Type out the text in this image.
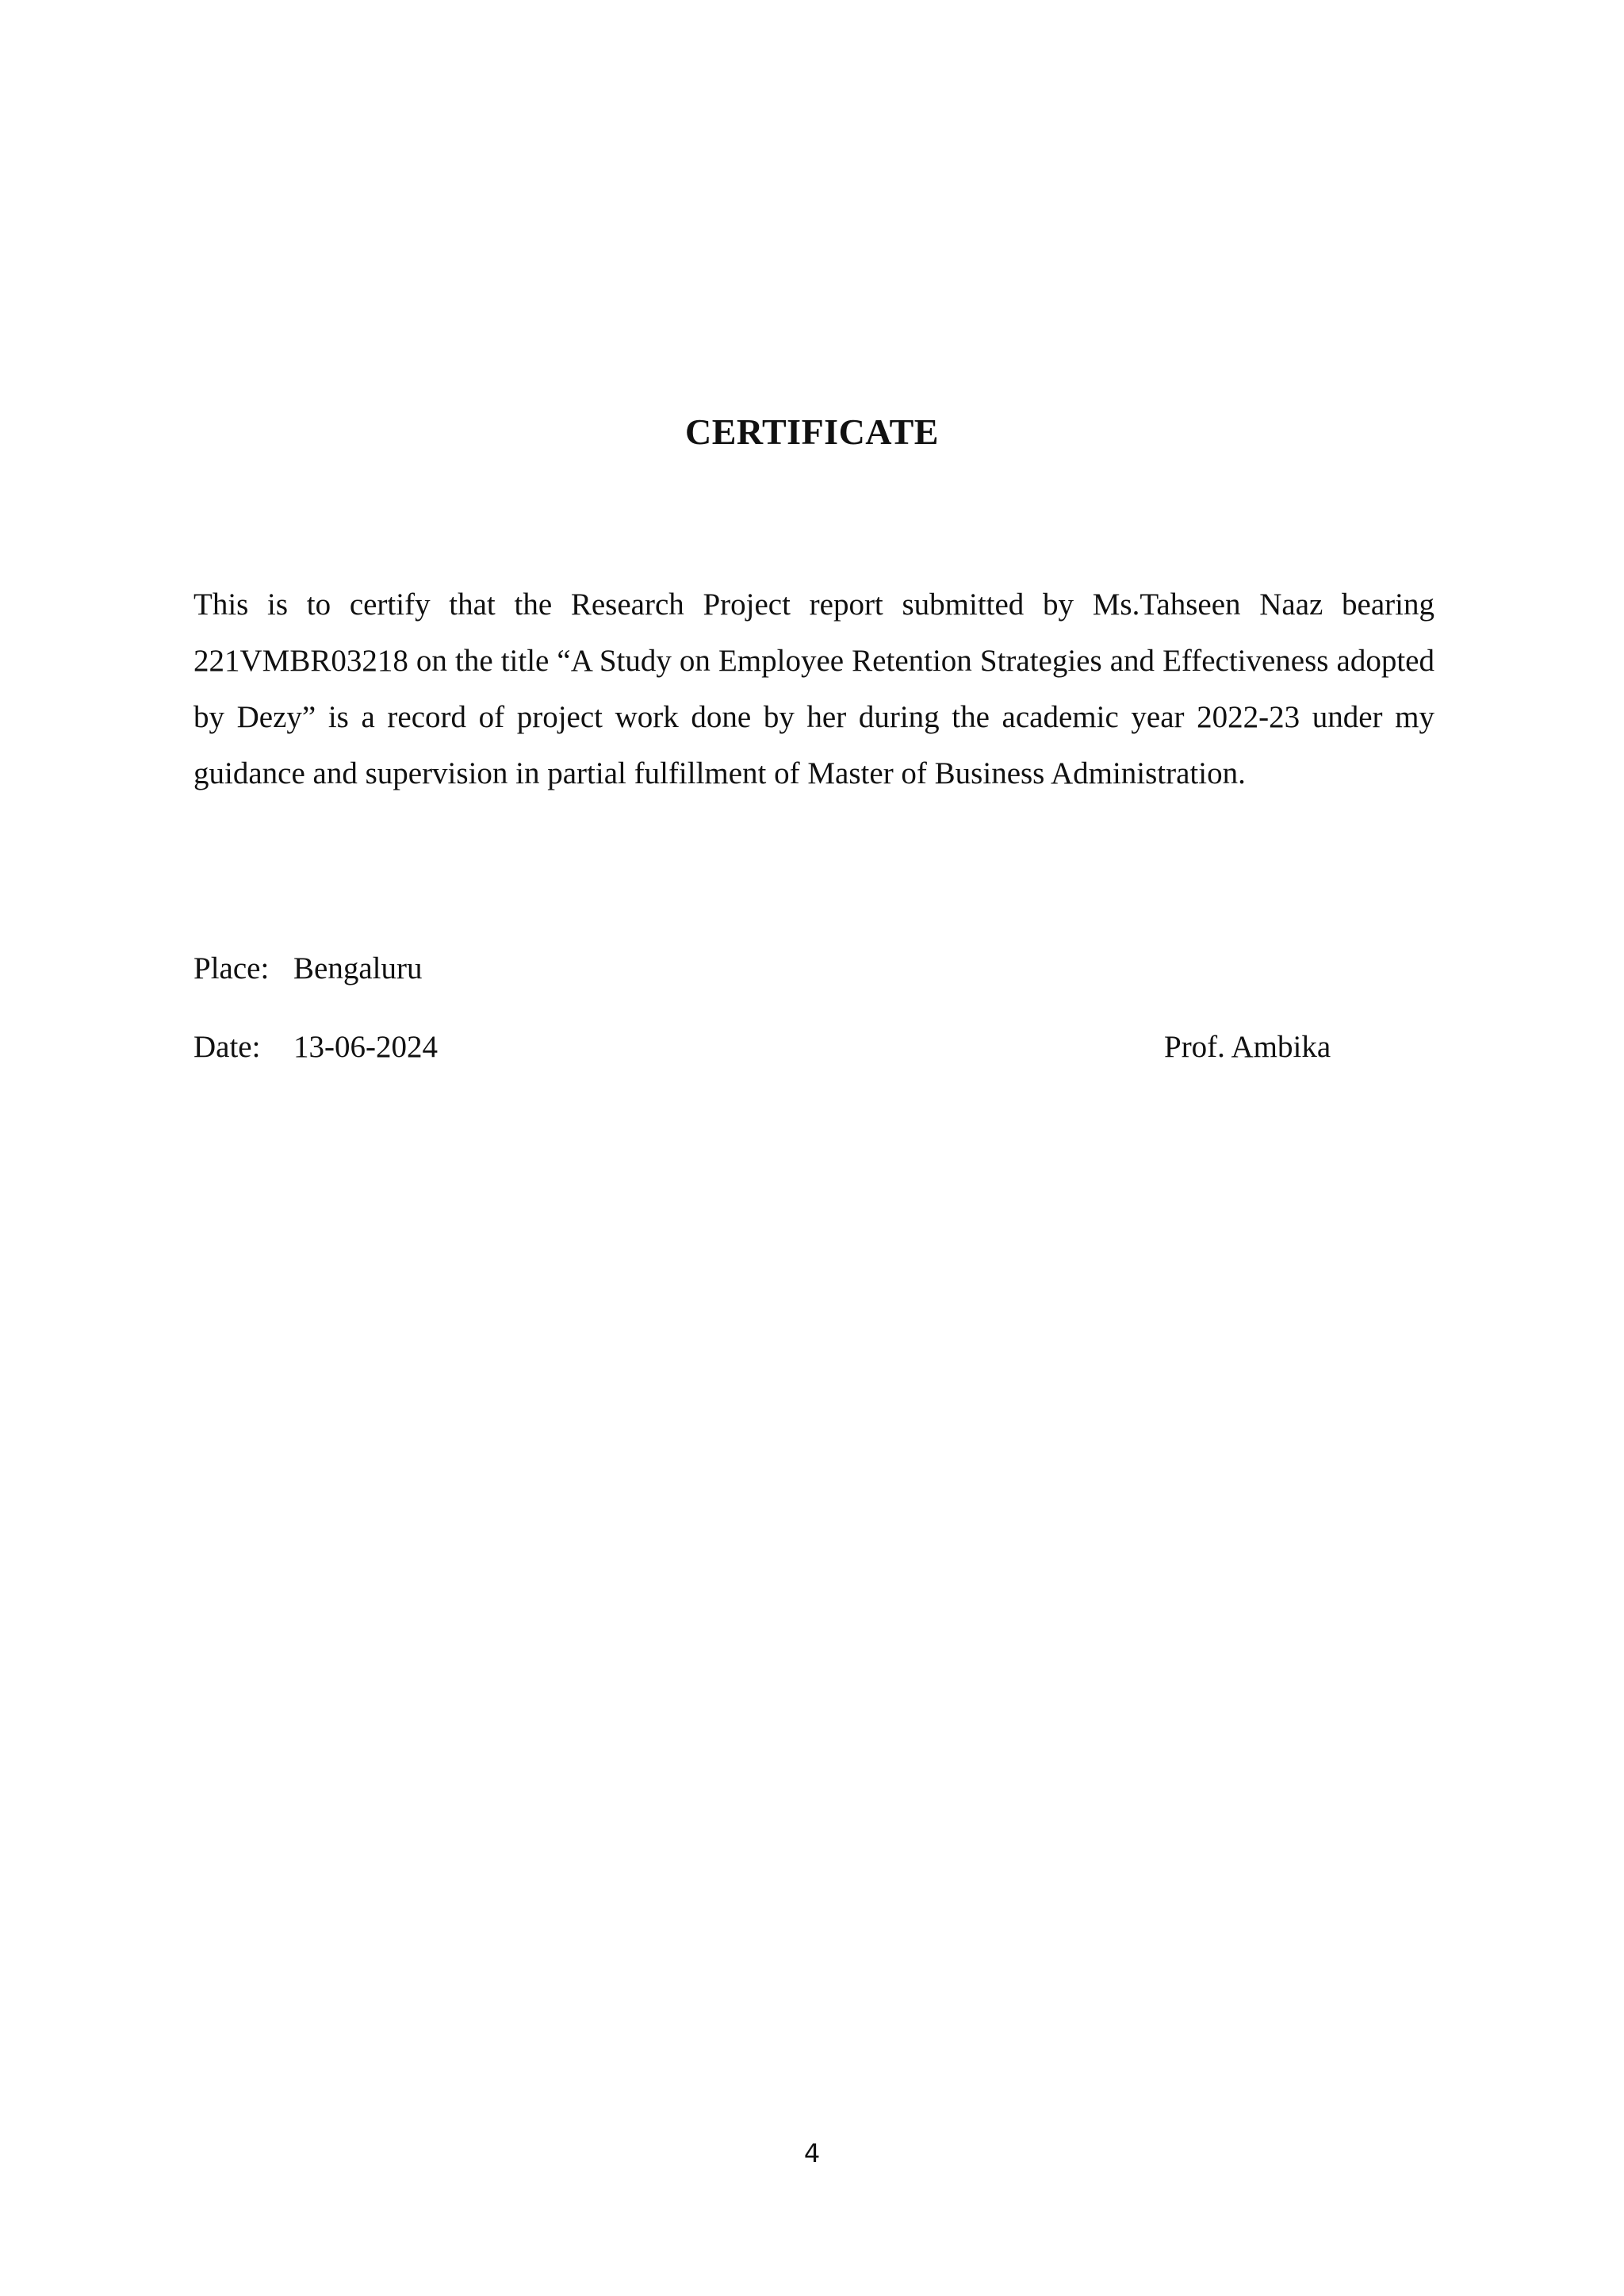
CERTIFICATE

This is to certify that the Research Project report submitted by Ms.Tahseen Naaz bearing 221VMBR03218 on the title “A Study on Employee Retention Strategies and Effectiveness adopted by Dezy” is a record of project work done by her during the academic year 2022-23 under my guidance and supervision in partial fulfillment of Master of Business Administration.

Place: Bengaluru
Date: 13-06-2024	Prof. Ambika
4
